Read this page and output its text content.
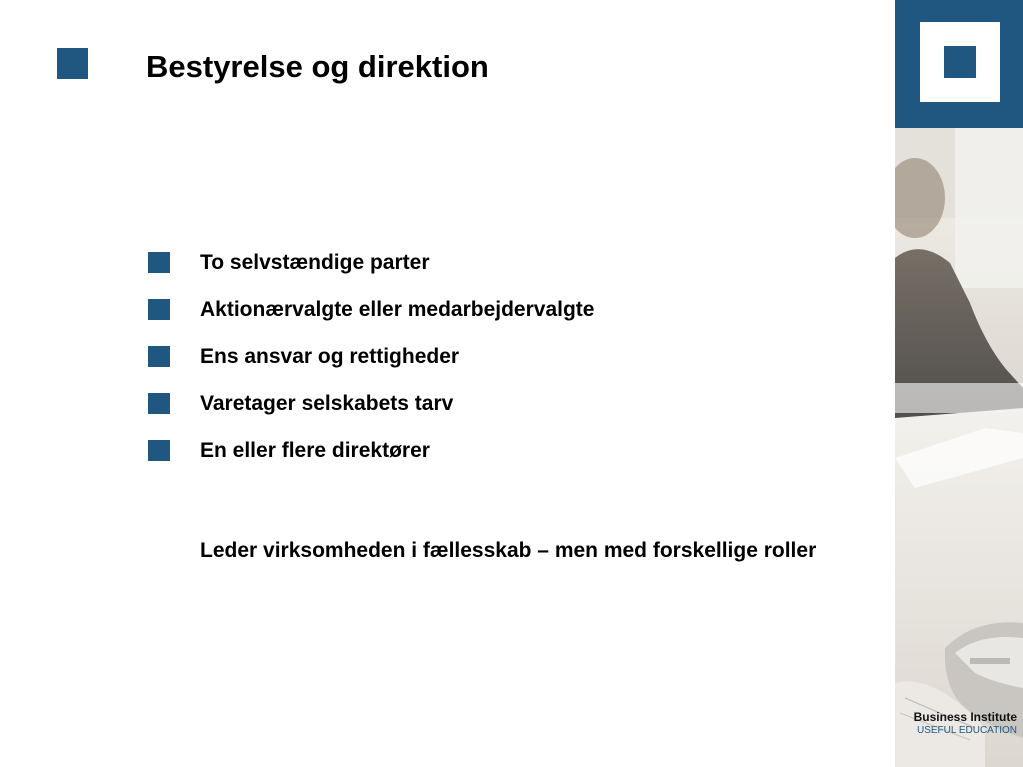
Bestyrelse og direktion
To selvstændige parter
Aktionærvalgte eller medarbejdervalgte
Ens ansvar og rettigheder
Varetager selskabets tarv
En eller flere direktører
Leder virksomheden i fællesskab – men med forskellige roller
Business Institute
USEFUL EDUCATION
